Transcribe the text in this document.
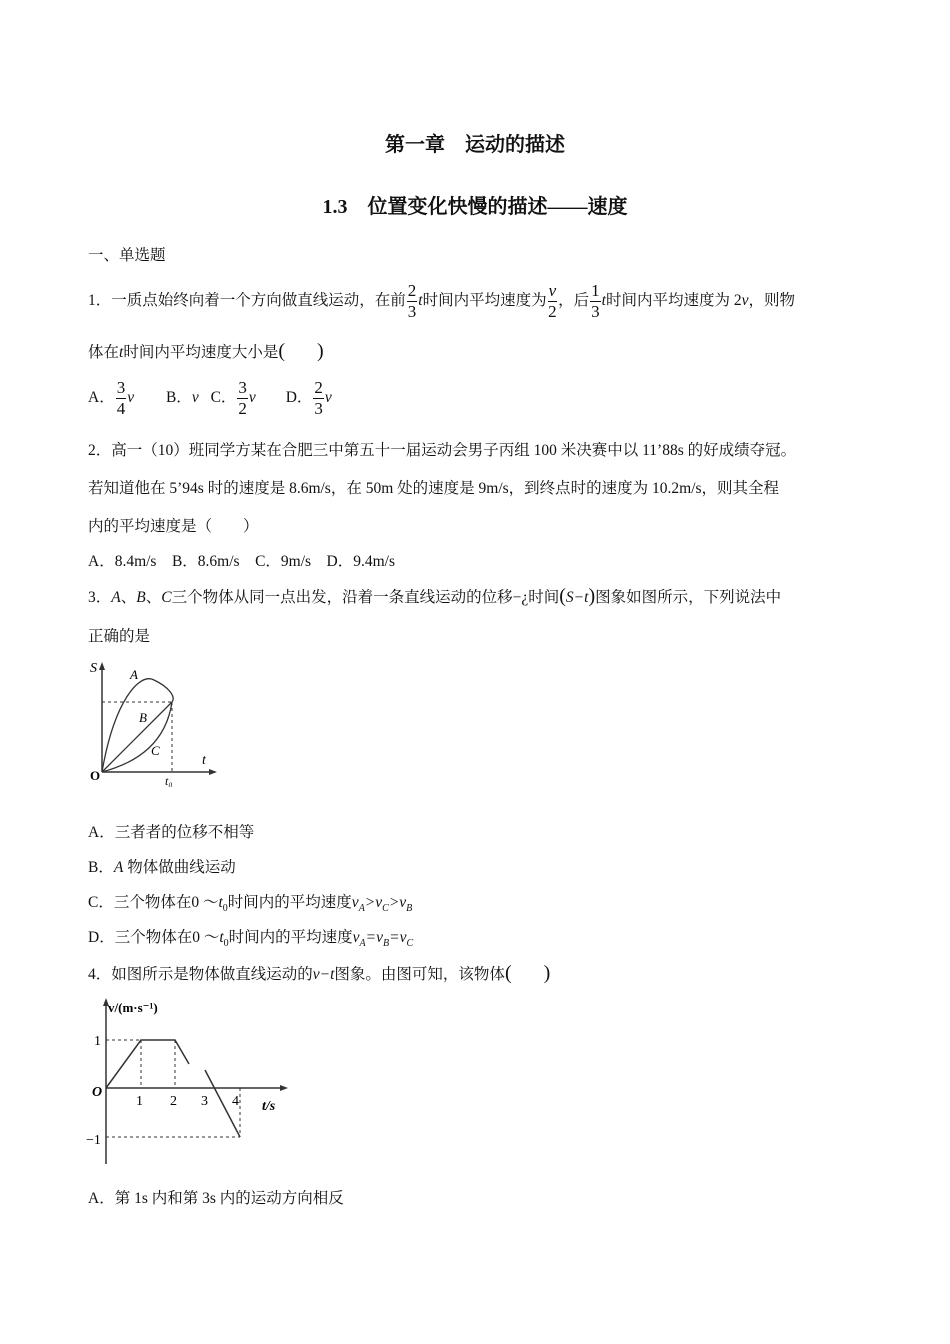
第一章　运动的描述
1.3　位置变化快慢的描述——速度
一、单选题
1．一质点始终向着一个方向做直线运动，在前 $\frac{2}{3}$ t时间内平均速度为 $\frac{v}{2}$ ，后 $\frac{1}{3}$ t时间内平均速度为 2v，则物
体在t时间内平均速度大小是( )
A． $\frac{3}{4}$ v B．v C． $\frac{3}{2}$ v D． $\frac{2}{3}$ v
2．高一（10）班同学方某在合肥三中第五十一届运动会男子丙组 100 米决赛中以 11’88s 的好成绩夺冠。
若知道他在 5’94s 时的速度是 8.6m/s，在 50m 处的速度是 9m/s，到终点时的速度为 10.2m/s，则其全程
内的平均速度是（　　）
A．8.4m/s　B．8.6m/s　C．9m/s　D．9.4m/s
3．A、B、C三个物体从同一点出发，沿着一条直线运动的位移−¿时间(S−t)图象如图所示，下列说法中
正确的是
S
t
O	t₀
A
B
C
A．三者者的位移不相等
B．A 物体做曲线运动
C．三个物体在0 $\sim t_0$时间内的平均速度$v_A>v_C>v_B$
D．三个物体在0 $\sim t_0$时间内的平均速度$v_A=v_B=v_C$
4．如图所示是物体做直线运动的v−t图象。由图可知，该物体( )
v/(m·s⁻¹)
t/s
O
1
−1
1 2 3 4
A．第 1s 内和第 3s 内的运动方向相反
